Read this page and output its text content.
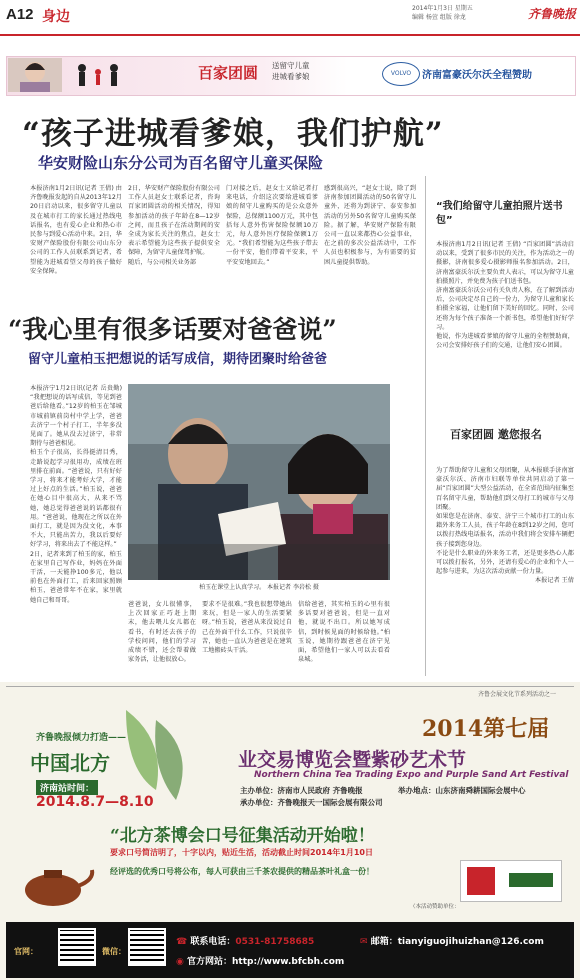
A12 身边
2014年1月3日 星期五
编辑 杨萱 组版 徐龙	齐鲁晚报
百家团圆 送留守儿童
进城看爹娘	VOLVO	济南富豪沃尔沃全程赞助
“孩子进城看爹娘，我们护航”
华安财险山东分公司为百名留守儿童买保险
本报济南1月2日讯(记者 王倩) 由齐鲁晚报发起的自从2013年12月20日启动以来，很多留守儿童以及在城市打工的家长通过热线电话报名，也有爱心企业和热心市民参与到爱心活动中来。2日，华安财产保险股份有限公司山东分公司的工作人员联系到记者，希望能为进城看望父母的孩子做好安全保障。
2日，华安财产保险股份有限公司工作人员赵女士联系记者，咨询百家团圆活动的相关情况，得知参加活动的孩子年龄在8—12岁之间，而且孩子在活动期间的安全成为家长关注的焦点，赵女士表示希望能为这些孩子提供安全保障，为留守儿童保驾护航。
随后，与公司相关业务部
门对接之后，赵女士又给记者打来电话，介绍这次要给进城看爹娘的留守儿童购买的是公众意外保险，总保额1100万元，其中包括每人意外伤害保险保额10万元，每人意外医疗保险保额1万元。“我们希望能为这些孩子带去一份平安，他们带着平安来，平平安安地回去。”
感到很高兴，“赵女士说，除了到济南参加团圆活动的50名留守儿童外，还将为到济宁、泰安参加活动的另外50名留守儿童购买保险。据了解，华安财产保险有限公司一直以来都热心公益事业，在之前的多次公益活动中，工作人员也积极参与，为有需要的贫困儿童提供帮助。
“我们给留守儿童拍照片送书包”
本报济南1月2日讯(记者 王倩) “百家团圆”活动启动以来，受到了很多市民的关注，作为活动之一的摄影，济南很多爱心摄影师报名参加活动。2日，济南富豪沃尔沃主要负责人表示，可以为留守儿童拍摄照片，并免费为孩子们送书包。
济南富豪沃尔沃公司有关负责人称，在了解到活动后，公司决定尽自己的一份力，为留守儿童和家长拍摄全家福，让他们留下美好的回忆。同时，公司还将为每个孩子准备一个新书包，希望他们好好学习。
他说，作为进城看爹娘的留守儿童的全程赞助商，公司会安排好孩子们的交通，让他们安心团圆。
百家团圆 邀您报名
为了帮助留守儿童和父母团聚，从本报联手济南富豪沃尔沃、济南市妇联等单位共同启动了第一届“百家团圆”大型公益活动，在全省范围内征集至百名留守儿童，帮助他们到父母打工的城市与父母团聚。
如果您是在济南、泰安、济宁三个城市打工的山东籍外来务工人员，孩子年龄在8到12岁之间，您可以拨打热线电话报名，活动中我们将会安排车辆把孩子接到您身边。
不论是什么职业的外来务工者，还是更多热心人都可以拨打报名，另外，还请有爱心的企业和个人一起参与进来，为这次活动贡献一份力量。
本报记者 王倩
“我心里有很多话要对爸爸说”
留守儿童柏玉把想说的话写成信，期待团聚时给爸爸
本报济宁1月2日讯(记者 岳贵勤) “我把想说的话写成信，等见到爸爸后给他看。”12岁的柏玉在邹城市城前镇前岗村中学上学，爸爸去济宁一个村子打工，半年多没见面了。她从没去过济宁，非常期待与爸爸相见。
柏玉个子很高，长得挺清目秀，走路说起学习很用功，成绩在班里排在前面。“爸爸说，只有好好学习，将来才能考好大学，才能过上好点的生活。”柏玉说，爸爸在她心目中很高大，从来不骂她，她总觉得爸爸说的话都很有用。“爸爸说，他现在之所以在外面打工，就是因为没文化，本事不大，只能出苦力，我以后要好好学习，将来出去了不能这样。”
2日，记者来到了柏玉的家，柏玉在家里自己写作业，妈妈在外面干活，一天能挣100多元，他以前也在外面打工，后来回家照顾柏玉，爸爸常年不在家，家里就她自己和哥哥。
柏玉在课堂上认真学习。 本报记者 李岩松 摄
爸爸说，女儿很懂事，上次回家正巧赶上期末，他去喂儿女儿都在看书，有时还去孩子的学校问问，他们的学习成绩不错，还会帮着做家务活，让他很放心。
要求不是很难。”我也很想带她出来玩，但是一家人的生活要紧呀。”柏玉说，爸爸从来没说过自己在外面干什么工作，只说很辛苦，她也一直认为爸爸是在建筑工地搬砖头干活。
信给爸爸，其实柏玉的心里有很多话要对爸爸说，但是一直对他，就说不出口。所以她写成信，到时候见面的时候给他。”柏玉说，她期待跟爸爸在济宁见面，希望他们一家人可以去看看泉城。
齐鲁会展文化节系列活动之一
齐鲁晚报倾力打造——
中国北方
济南站时间：
2014.8.7—8.10
2014第七届
业交易博览会暨紫砂艺术节
Northern China Tea Trading Expo and Purple Sand Art Festival
主办单位：济南市人民政府 齐鲁晚报
承办单位：齐鲁晚报天一国际会展有限公司
举办地点：山东济南舜耕国际会展中心
“北方茶博会口号征集活动开始啦！
要求口号简洁明了，十字以内，贴近生活，活动截止时间2014年1月10日
经评选的优秀口号将公布，每人可获由三千茶农提供的精品茶叶礼盒一份！
（本活动赞助单位：
官网：	微信：
☎ 联系电话：0531-81758685	✉ 邮箱：tianyiguojihuizhan@126.com
◉ 官方网站：http://www.bfcbh.com
